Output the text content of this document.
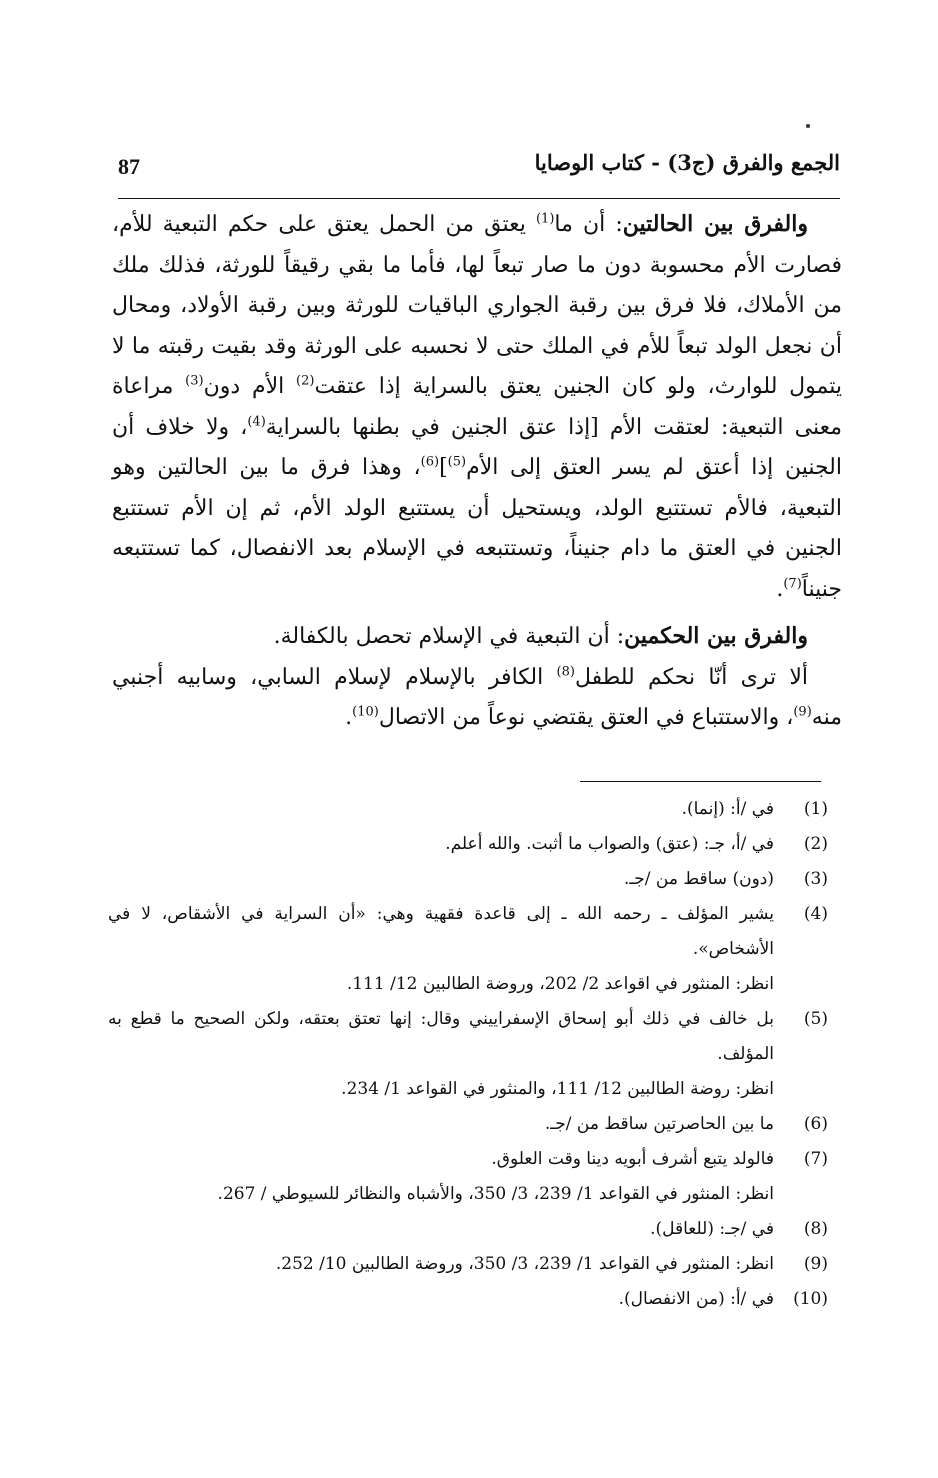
87	الجمع والفرق (ج3) - كتاب الوصايا

والفرق بين الحالتين: أن ما$^{(1)}$ يعتق من الحمل يعتق على حكم التبعية للأم، فصارت الأم محسوبة دون ما صار تبعاً لها، فأما ما بقي رقيقاً للورثة، فذلك ملك من الأملاك، فلا فرق بين رقبة الجواري الباقيات للورثة وبين رقبة الأولاد، ومحال أن نجعل الولد تبعاً للأم في الملك حتى لا نحسبه على الورثة وقد بقيت رقبته ما لا يتمول للوارث، ولو كان الجنين يعتق بالسراية إذا عتقت$^{(2)}$ الأم دون$^{(3)}$ مراعاة معنى التبعية: لعتقت الأم [إذا عتق الجنين في بطنها بالسراية$^{(4)}$، ولا خلاف أن الجنين إذا أعتق لم يسر العتق إلى الأم$^{(5)}$]$^{(6)}$، وهذا فرق ما بين الحالتين وهو التبعية، فالأم تستتبع الولد، ويستحيل أن يستتبع الولد الأم، ثم إن الأم تستتبع الجنين في العتق ما دام جنيناً، وتستتبعه في الإسلام بعد الانفصال، كما تستتبعه جنيناً$^{(7)}$.

والفرق بين الحكمين: أن التبعية في الإسلام تحصل بالكفالة.

ألا ترى أنّا نحكم للطفل$^{(8)}$ الكافر بالإسلام لإسلام السابي، وسابيه أجنبي منه$^{(9)}$، والاستتباع في العتق يقتضي نوعاً من الاتصال$^{(10)}$.

(1)
في /أ: (إنما).
(2)
في /أ، جـ: (عتق) والصواب ما أثبت. والله أعلم.
(3)
(دون) ساقط من /جـ.
(4)
يشير المؤلف ـ رحمه الله ـ إلى قاعدة فقهية وهي: «أن السراية في الأشقاص، لا في الأشخاص».

انظر: المنثور في اقواعد 2/ 202، وروضة الطالبين 12/ 111.

(5)
بل خالف في ذلك أبو إسحاق الإسفراييني وقال: إنها تعتق بعتقه، ولكن الصحيح ما قطع به المؤلف.

انظر: روضة الطالبين 12/ 111، والمنثور في القواعد 1/ 234.

(6)
ما بين الحاصرتين ساقط من /جـ.
(7)
فالولد يتبع أشرف أبويه دينا وقت العلوق.

انظر: المنثور في القواعد 1/ 239، 3/ 350، والأشباه والنظائر للسيوطي / 267.

(8)
في /جـ: (للعاقل).
(9)
انظر: المنثور في القواعد 1/ 239، 3/ 350، وروضة الطالبين 10/ 252.
(10)
في /أ: (من الانفصال).
